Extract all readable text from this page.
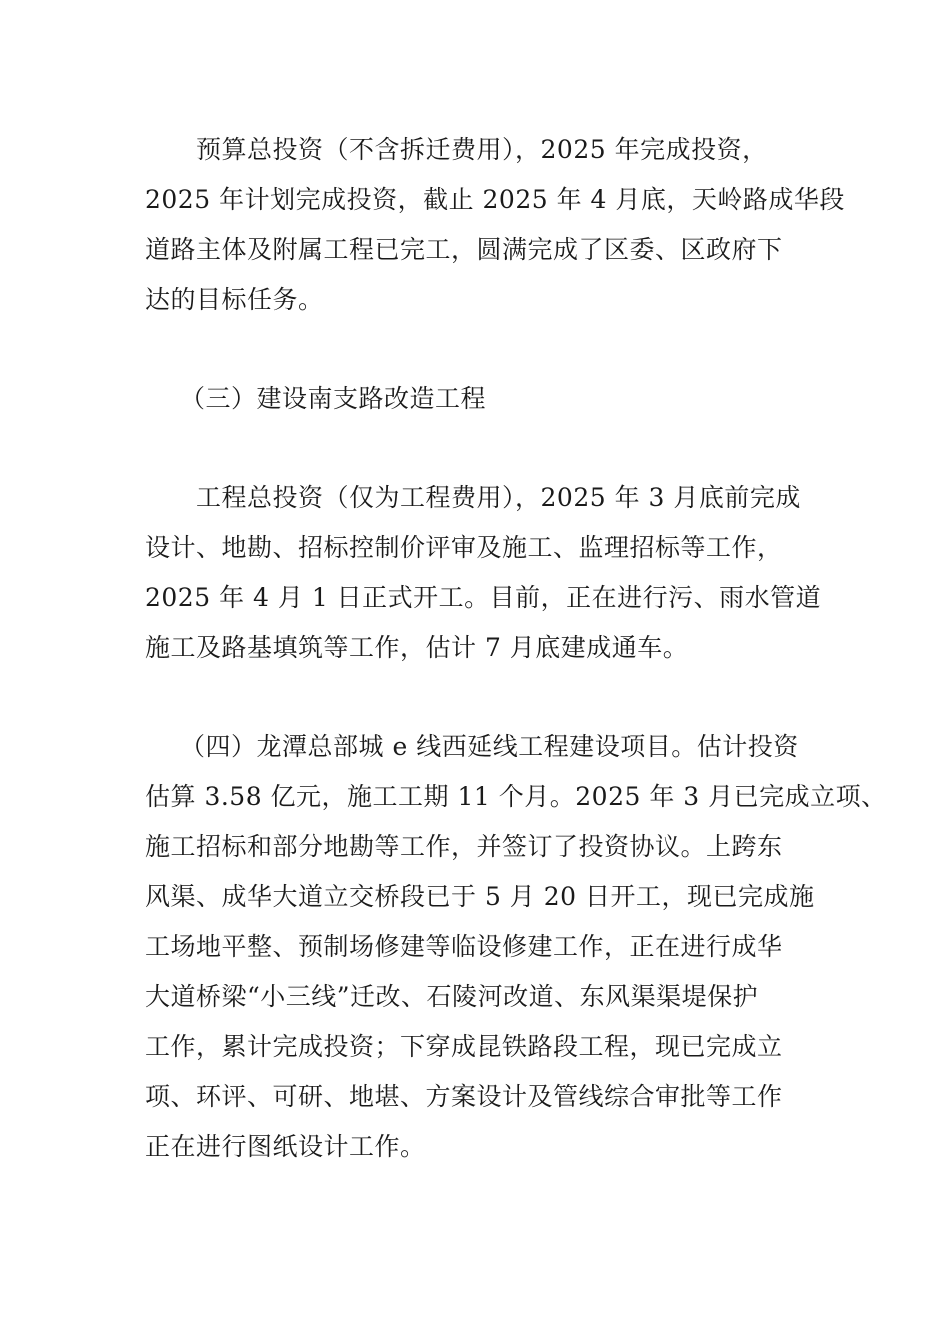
预算总投资（不含拆迁费用），2025 年完成投资，
2025 年计划完成投资，截止 2025 年 4 月底，天岭路成华段
道路主体及附属工程已完工，圆满完成了区委、区政府下
达的目标任务。
（三）建设南支路改造工程
工程总投资（仅为工程费用），2025 年 3 月底前完成
设计、地勘、招标控制价评审及施工、监理招标等工作，
2025 年 4 月 1 日正式开工。目前，正在进行污、雨水管道
施工及路基填筑等工作，估计 7 月底建成通车。
（四）龙潭总部城 e 线西延线工程建设项目。估计投资
估算 3.58 亿元，施工工期 11 个月。2025 年 3 月已完成立项、
施工招标和部分地勘等工作，并签订了投资协议。上跨东
风渠、成华大道立交桥段已于 5 月 20 日开工，现已完成施
工场地平整、预制场修建等临设修建工作，正在进行成华
大道桥梁“小三线”迁改、石陵河改道、东风渠渠堤保护
工作，累计完成投资；下穿成昆铁路段工程，现已完成立
项、环评、可研、地堪、方案设计及管线综合审批等工作
正在进行图纸设计工作。
